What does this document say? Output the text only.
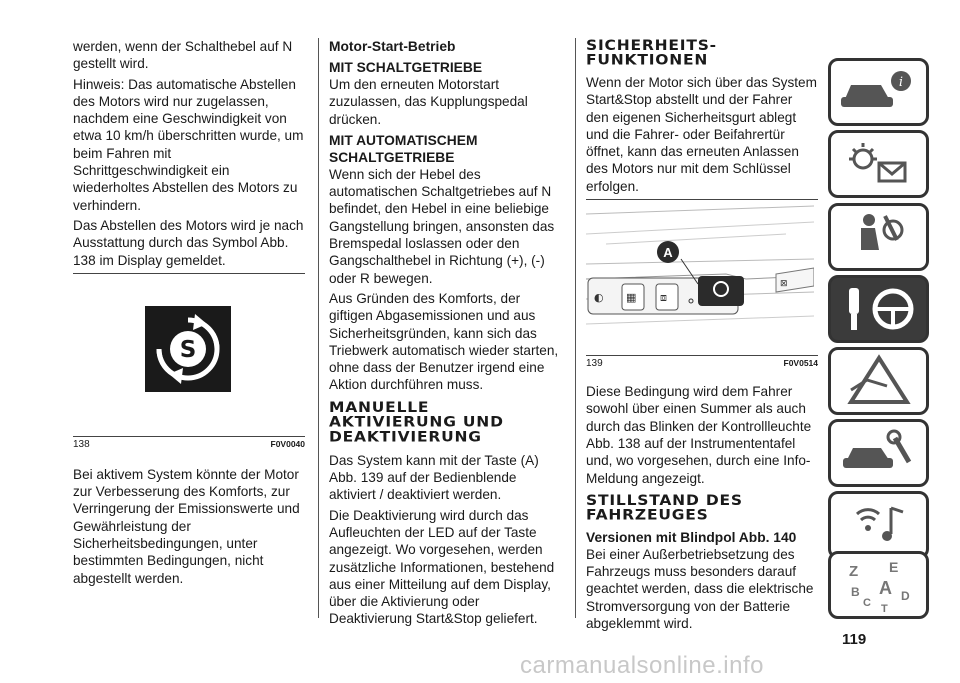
werden, wenn der Schalthebel auf N gestellt wird.

Hinweis: Das automatische Abstellen des Motors wird nur zugelassen, nachdem eine Geschwindigkeit von etwa 10 km/h überschritten wurde, um beim Fahren mit Schrittgeschwindigkeit ein wiederholtes Abstellen des Motors zu verhindern.

Das Abstellen des Motors wird je nach Ausstattung durch das Symbol Abb. 138 im Display gemeldet.

S
138	F0V0040

Bei aktivem System könnte der Motor zur Verbesserung des Komforts, zur Verringerung der Emissionswerte und Gewährleistung der Sicherheitsbedingungen, unter bestimmten Bedingungen, nicht abgestellt werden.

Motor-Start-Betrieb
MIT SCHALTGETRIEBE

Um den erneuten Motorstart zuzulassen, das Kupplungspedal drücken.

MIT AUTOMATISCHEM SCHALTGETRIEBE

Wenn sich der Hebel des automatischen Schaltgetriebes auf N befindet, den Hebel in eine beliebige Gangstellung bringen, ansonsten das Bremspedal loslassen oder den Gangschalthebel in Richtung (+), (-) oder R bewegen.

Aus Gründen des Komforts, der giftigen Abgasemissionen und aus Sicherheitsgründen, kann sich das Triebwerk automatisch wieder starten, ohne dass der Benutzer irgend eine Aktion durchführen muss.

MANUELLE AKTIVIERUNG UND DEAKTIVIERUNG

Das System kann mit der Taste (A) Abb. 139 auf der Bedienblende aktiviert / deaktiviert werden.

Die Deaktivierung wird durch das Aufleuchten der LED auf der Taste angezeigt. Wo vorgesehen, werden zusätzliche Informationen, bestehend aus einer Mitteilung auf dem Display, über die Aktivierung oder Deaktivierung Start&Stop geliefert.

SICHERHEITS-FUNKTIONEN

Wenn der Motor sich über das System Start&Stop abstellt und der Fahrer den eigenen Sicherheitsgurt ablegt und die Fahrer- oder Beifahrertür öffnet, kann das erneuten Anlassen des Motors nur mit dem Schlüssel erfolgen.

◐ ▦ ⧈
⊠
A
139	F0V0514

Diese Bedingung wird dem Fahrer sowohl über einen Summer als auch durch das Blinken der Kontrollleuchte Abb. 138 auf der Instrumententafel und, wo vorgesehen, durch eine Info-Meldung angezeigt.

STILLSTAND DES FAHRZEUGES
Versionen mit Blindpol Abb. 140

Bei einer Außerbetriebsetzung des Fahrzeugs muss besonders darauf geachtet werden, dass die elektrische Stromversorgung von der Batterie abgeklemmt wird.

i
Z E
B A
C	D
T
119
carmanualsonline.info
